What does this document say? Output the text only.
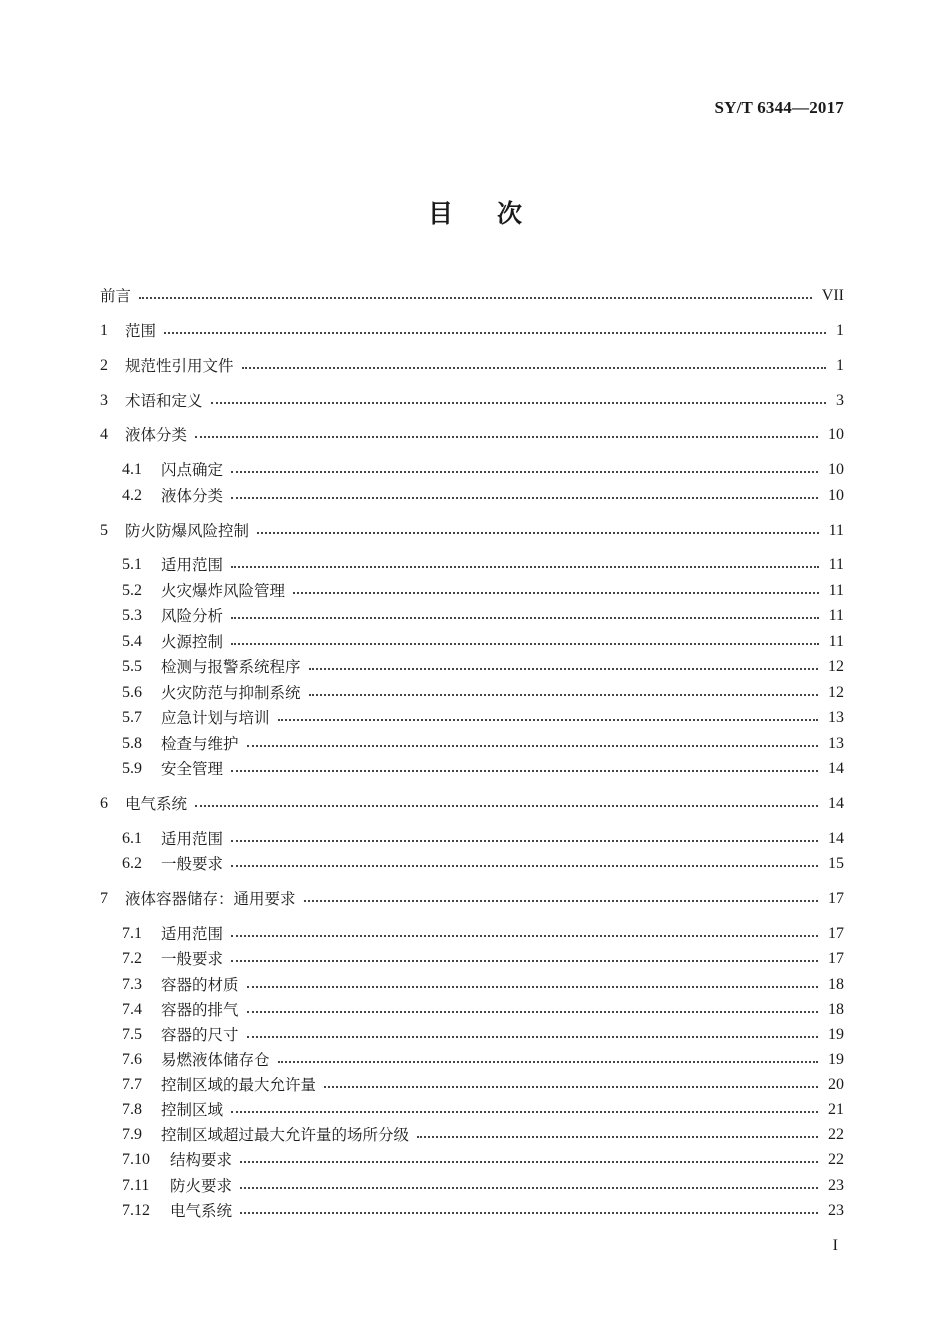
SY/T 6344—2017
目 次
前言	VII
1	范围	1
2	规范性引用文件	1
3	术语和定义	3
4	液体分类	10
4.1	闪点确定	10
4.2	液体分类	10
5	防火防爆风险控制	11
5.1	适用范围	11
5.2	火灾爆炸风险管理	11
5.3	风险分析	11
5.4	火源控制	11
5.5	检测与报警系统程序	12
5.6	火灾防范与抑制系统	12
5.7	应急计划与培训	13
5.8	检查与维护	13
5.9	安全管理	14
6	电气系统	14
6.1	适用范围	14
6.2	一般要求	15
7	液体容器储存：通用要求	17
7.1	适用范围	17
7.2	一般要求	17
7.3	容器的材质	18
7.4	容器的排气	18
7.5	容器的尺寸	19
7.6	易燃液体储存仓	19
7.7	控制区域的最大允许量	20
7.8	控制区域	21
7.9	控制区域超过最大允许量的场所分级	22
7.10	结构要求	22
7.11	防火要求	23
7.12	电气系统	23
I
